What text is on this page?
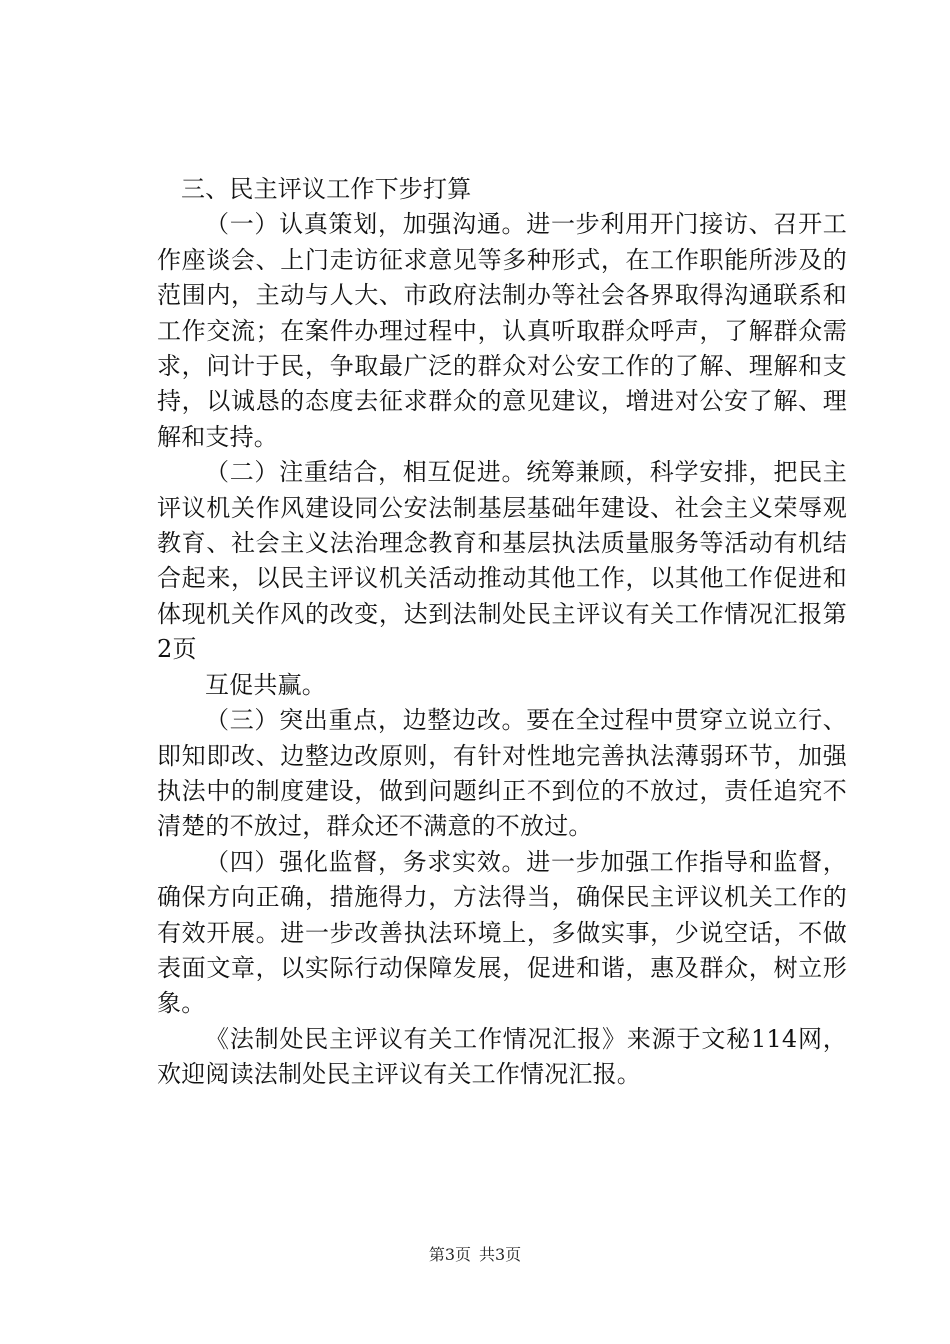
三、民主评议工作下步打算

（一）认真策划，加强沟通。进一步利用开门接访、召开工作座谈会、上门走访征求意见等多种形式，在工作职能所涉及的范围内，主动与人大、市政府法制办等社会各界取得沟通联系和工作交流；在案件办理过程中，认真听取群众呼声，了解群众需求，问计于民，争取最广泛的群众对公安工作的了解、理解和支持，以诚恳的态度去征求群众的意见建议，增进对公安了解、理解和支持。

（二）注重结合，相互促进。统筹兼顾，科学安排，把民主评议机关作风建设同公安法制基层基础年建设、社会主义荣辱观教育、社会主义法治理念教育和基层执法质量服务等活动有机结合起来，以民主评议机关活动推动其他工作，以其他工作促进和体现机关作风的改变，达到法制处民主评议有关工作情况汇报第2页

互促共赢。

（三）突出重点，边整边改。要在全过程中贯穿立说立行、即知即改、边整边改原则，有针对性地完善执法薄弱环节，加强执法中的制度建设，做到问题纠正不到位的不放过，责任追究不清楚的不放过，群众还不满意的不放过。

（四）强化监督，务求实效。进一步加强工作指导和监督，确保方向正确，措施得力，方法得当，确保民主评议机关工作的有效开展。进一步改善执法环境上，多做实事，少说空话，不做表面文章，以实际行动保障发展，促进和谐，惠及群众，树立形象。

《法制处民主评议有关工作情况汇报》来源于文秘114网，欢迎阅读法制处民主评议有关工作情况汇报。

第3页 共3页
